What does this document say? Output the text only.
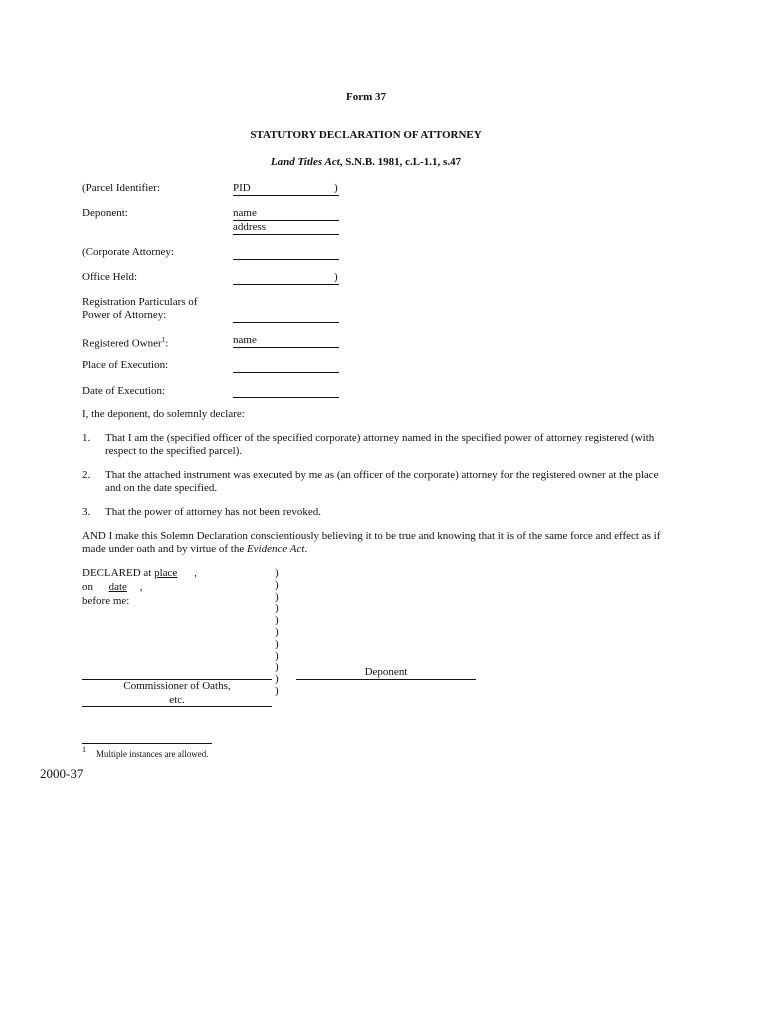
Form 37
STATUTORY DECLARATION OF ATTORNEY
Land Titles Act, S.N.B. 1981, c.L-1.1, s.47
(Parcel Identifier:	PID	)
Deponent:	name
address
(Corporate Attorney:
Office Held:	)
Registration Particulars of
Power of Attorney:
Registered Owner$^1$:	name
Place of Execution:
Date of Execution:
I, the deponent, do solemnly declare:
1. That I am the (specified officer of the specified corporate) attorney named in the specified power of attorney registered (with respect to the specified parcel).
2. That the attached instrument was executed by me as (an officer of the corporate) attorney for the registered owner at the place and on the date specified.
3. That the power of attorney has not been revoked.
AND I make this Solemn Declaration conscientiously believing it to be true and knowing that it is of the same force and effect as if made under oath and by virtue of the Evidence Act.
DECLARED at place ,
on date ,
before me:
)
)
)
)
)
)
)
)
)
)
)
Commissioner of Oaths,
etc.
Deponent
1 Multiple instances are allowed.
2000-37
